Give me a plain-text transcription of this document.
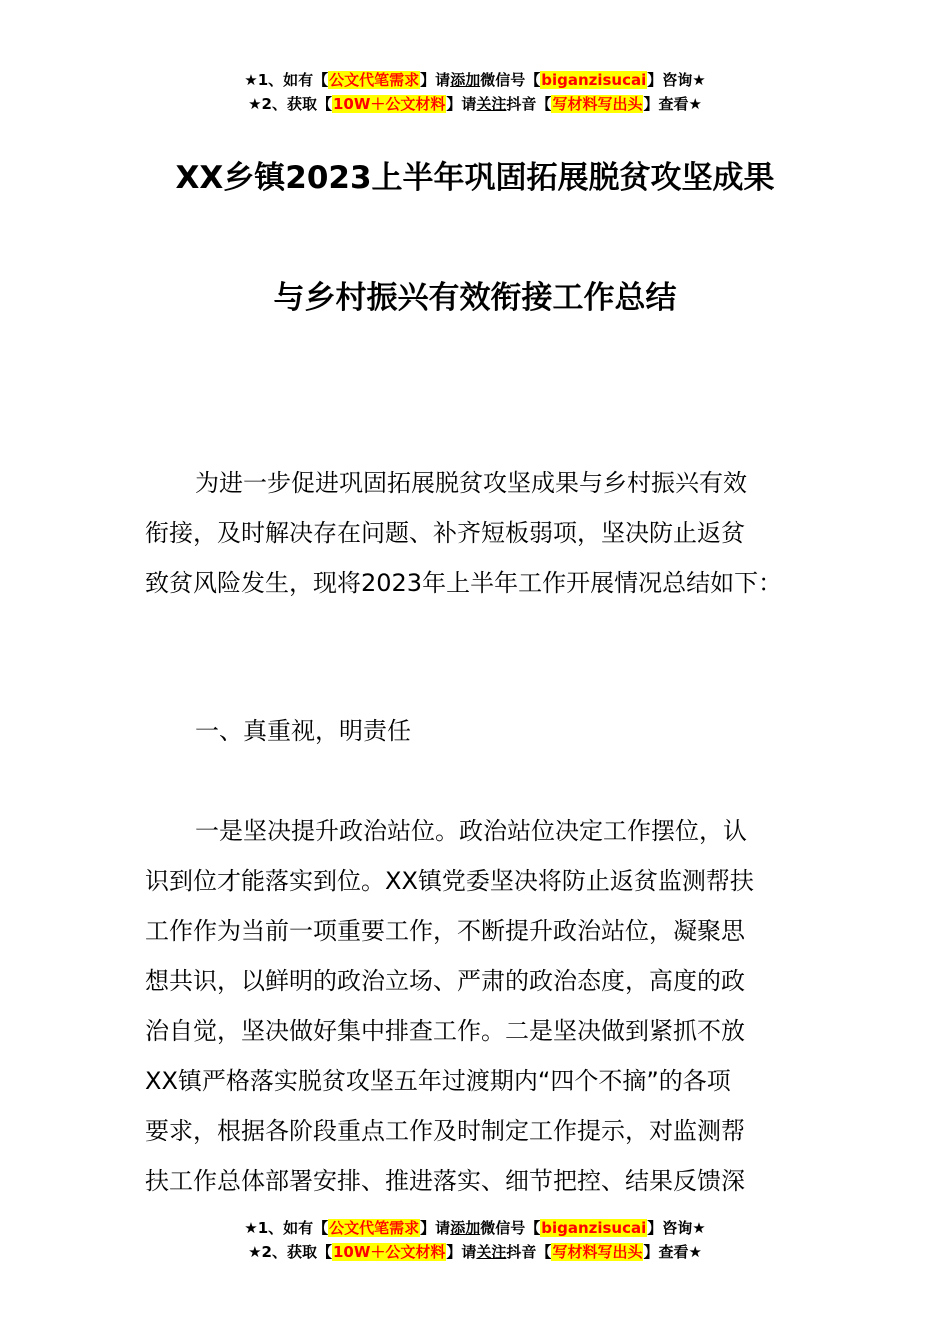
★1、如有【公文代笔需求】请添加微信号【biganzisucai】咨询★
★2、获取【10W＋公文材料】请关注抖音【写材料写出头】查看★
XX乡镇2023上半年巩固拓展脱贫攻坚成果
与乡村振兴有效衔接工作总结
为进一步促进巩固拓展脱贫攻坚成果与乡村振兴有效
衔接，及时解决存在问题、补齐短板弱项，坚决防止返贫
致贫风险发生，现将2023年上半年工作开展情况总结如下：
一、真重视，明责任
一是坚决提升政治站位。政治站位决定工作摆位，认
识到位才能落实到位。XX镇党委坚决将防止返贫监测帮扶
工作作为当前一项重要工作，不断提升政治站位，凝聚思
想共识，以鲜明的政治立场、严肃的政治态度，高度的政
治自觉，坚决做好集中排查工作。二是坚决做到紧抓不放
XX镇严格落实脱贫攻坚五年过渡期内“四个不摘”的各项
要求，根据各阶段重点工作及时制定工作提示，对监测帮
扶工作总体部署安排、推进落实、细节把控、结果反馈深
★1、如有【公文代笔需求】请添加微信号【biganzisucai】咨询★
★2、获取【10W＋公文材料】请关注抖音【写材料写出头】查看★
